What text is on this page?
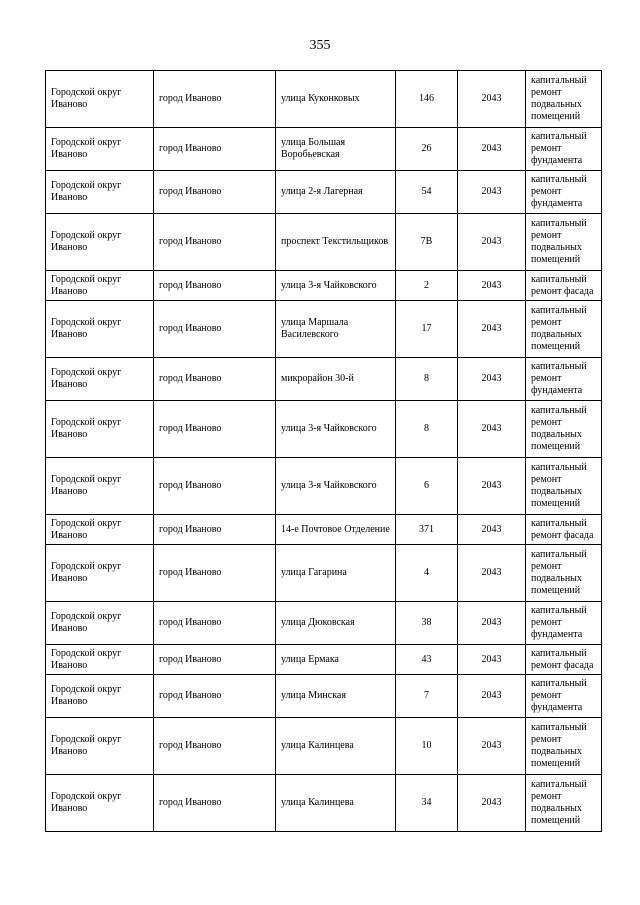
355
Городской округ Иваново	город Иваново	улица Куконковых	146	2043	капитальный ремонт подвальных помещений
Городской округ Иваново	город Иваново	улица Большая Воробьевская	26	2043	капитальный ремонт фундамента
Городской округ Иваново	город Иваново	улица 2-я Лагерная	54	2043	капитальный ремонт фундамента
Городской округ Иваново	город Иваново	проспект Текстильщиков	7В	2043	капитальный ремонт подвальных помещений
Городской округ Иваново	город Иваново	улица 3-я Чайковского	2	2043	капитальный ремонт фасада
Городской округ Иваново	город Иваново	улица Маршала Василевского	17	2043	капитальный ремонт подвальных помещений
Городской округ Иваново	город Иваново	микрорайон 30-й	8	2043	капитальный ремонт фундамента
Городской округ Иваново	город Иваново	улица 3-я Чайковского	8	2043	капитальный ремонт подвальных помещений
Городской округ Иваново	город Иваново	улица 3-я Чайковского	6	2043	капитальный ремонт подвальных помещений
Городской округ Иваново	город Иваново	14-е Почтовое Отделение	371	2043	капитальный ремонт фасада
Городской округ Иваново	город Иваново	улица Гагарина	4	2043	капитальный ремонт подвальных помещений
Городской округ Иваново	город Иваново	улица Дюковская	38	2043	капитальный ремонт фундамента
Городской округ Иваново	город Иваново	улица Ермака	43	2043	капитальный ремонт фасада
Городской округ Иваново	город Иваново	улица Минская	7	2043	капитальный ремонт фундамента
Городской округ Иваново	город Иваново	улица Калинцева	10	2043	капитальный ремонт подвальных помещений
Городской округ Иваново	город Иваново	улица Калинцева	34	2043	капитальный ремонт подвальных помещений
